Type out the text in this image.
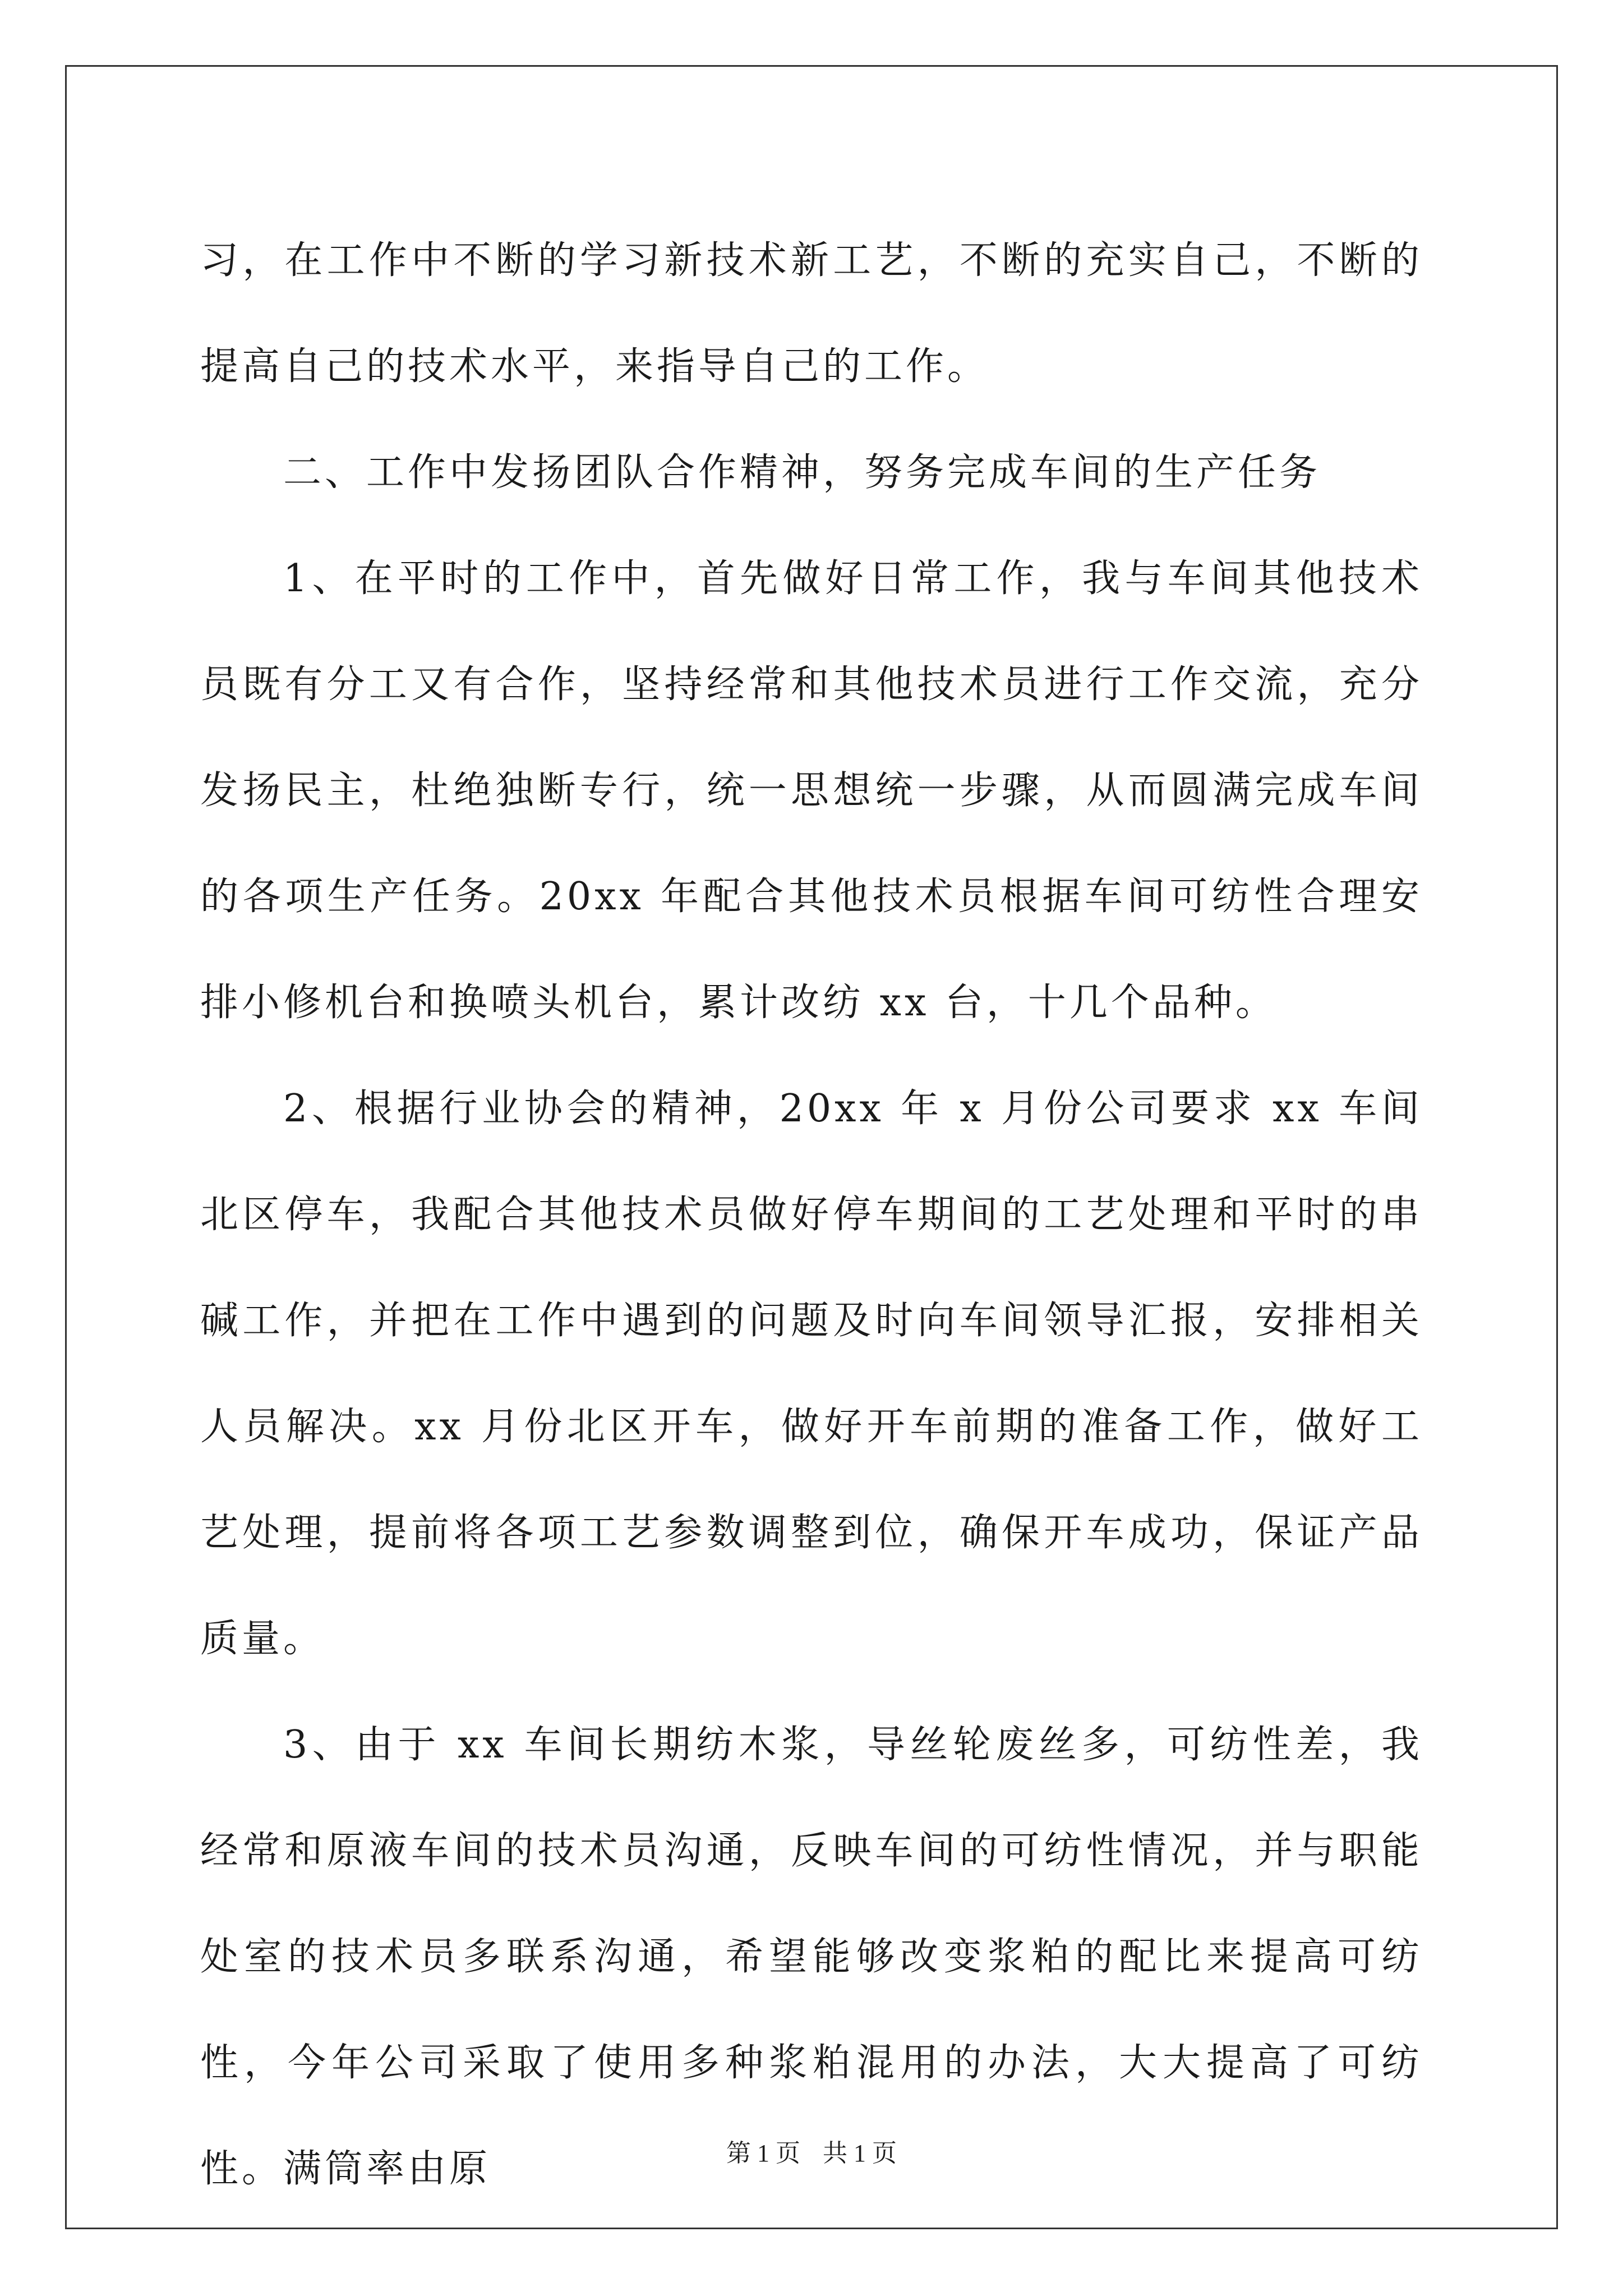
习，在工作中不断的学习新技术新工艺，不断的充实自己，不断的提高自己的技术水平，来指导自己的工作。

二、工作中发扬团队合作精神，努务完成车间的生产任务

1、在平时的工作中，首先做好日常工作，我与车间其他技术员既有分工又有合作，坚持经常和其他技术员进行工作交流，充分发扬民主，杜绝独断专行，统一思想统一步骤，从而圆满完成车间的各项生产任务。20xx 年配合其他技术员根据车间可纺性合理安排小修机台和换喷头机台，累计改纺 xx 台，十几个品种。

2、根据行业协会的精神，20xx 年 x 月份公司要求 xx 车间北区停车，我配合其他技术员做好停车期间的工艺处理和平时的串碱工作，并把在工作中遇到的问题及时向车间领导汇报，安排相关人员解决。xx 月份北区开车，做好开车前期的准备工作，做好工艺处理，提前将各项工艺参数调整到位，确保开车成功，保证产品质量。

3、由于 xx 车间长期纺木浆，导丝轮废丝多，可纺性差，我经常和原液车间的技术员沟通，反映车间的可纺性情况，并与职能处室的技术员多联系沟通，希望能够改变浆粕的配比来提高可纺性，今年公司采取了使用多种浆粕混用的办法，大大提高了可纺性。满筒率由原	第 1 页 共 1 页
